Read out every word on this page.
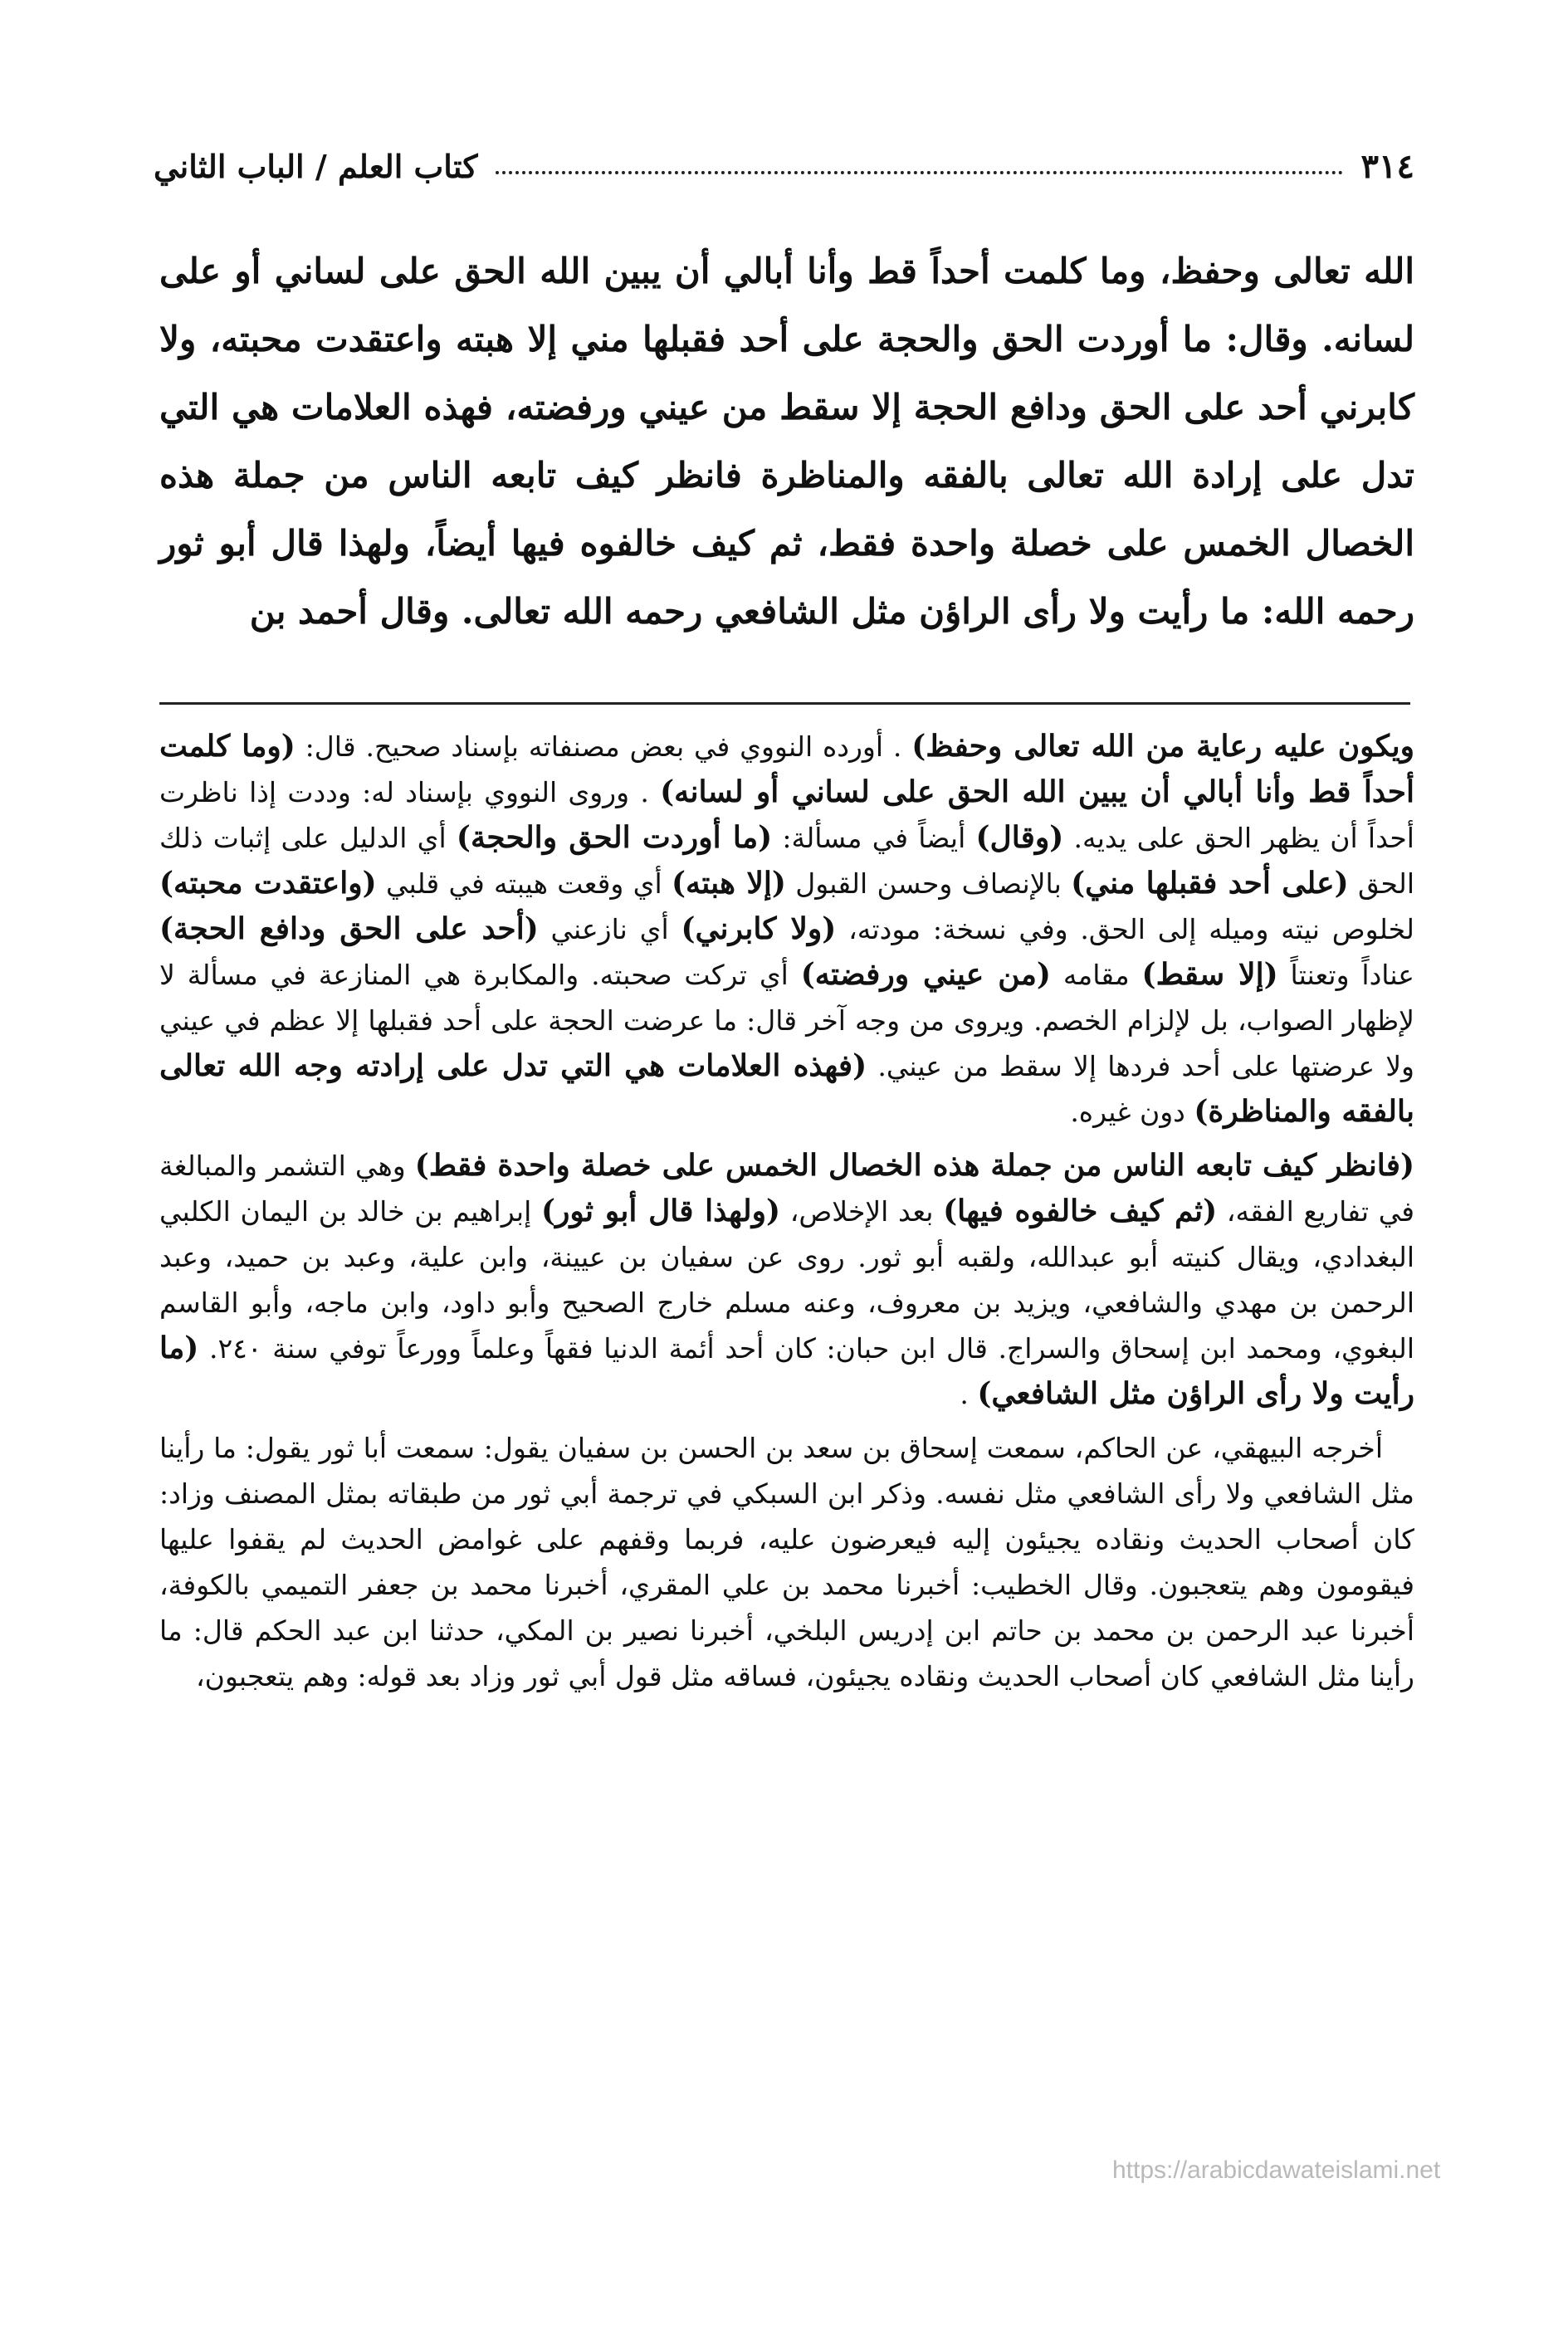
٣١٤
كتاب العلم / الباب الثاني

الله تعالى وحفظ، وما كلمت أحداً قط وأنا أبالي أن يبين الله الحق على لساني أو على لسانه. وقال: ما أوردت الحق والحجة على أحد فقبلها مني إلا هبته واعتقدت محبته، ولا كابرني أحد على الحق ودافع الحجة إلا سقط من عيني ورفضته، فهذه العلامات هي التي تدل على إرادة الله تعالى بالفقه والمناظرة فانظر كيف تابعه الناس من جملة هذه الخصال الخمس على خصلة واحدة فقط، ثم كيف خالفوه فيها أيضاً، ولهذا قال أبو ثور رحمه الله: ما رأيت ولا رأى الراؤن مثل الشافعي رحمه الله تعالى. وقال أحمد بن

ويكون عليه رعاية من الله تعالى وحفظ) . أورده النووي في بعض مصنفاته بإسناد صحيح. قال: (وما كلمت أحداً قط وأنا أبالي أن يبين الله الحق على لساني أو لسانه) . وروى النووي بإسناد له: وددت إذا ناظرت أحداً أن يظهر الحق على يديه. (وقال) أيضاً في مسألة: (ما أوردت الحق والحجة) أي الدليل على إثبات ذلك الحق (على أحد فقبلها مني) بالإنصاف وحسن القبول (إلا هبته) أي وقعت هيبته في قلبي (واعتقدت محبته) لخلوص نيته وميله إلى الحق. وفي نسخة: مودته، (ولا كابرني) أي نازعني (أحد على الحق ودافع الحجة) عناداً وتعنتاً (إلا سقط) مقامه (من عيني ورفضته) أي تركت صحبته. والمكابرة هي المنازعة في مسألة لا لإظهار الصواب، بل لإلزام الخصم. ويروى من وجه آخر قال: ما عرضت الحجة على أحد فقبلها إلا عظم في عيني ولا عرضتها على أحد فردها إلا سقط من عيني. (فهذه العلامات هي التي تدل على إرادته وجه الله تعالى بالفقه والمناظرة) دون غيره.

(فانظر كيف تابعه الناس من جملة هذه الخصال الخمس على خصلة واحدة فقط) وهي التشمر والمبالغة في تفاريع الفقه، (ثم كيف خالفوه فيها) بعد الإخلاص، (ولهذا قال أبو ثور) إبراهيم بن خالد بن اليمان الكلبي البغدادي، ويقال كنيته أبو عبدالله، ولقبه أبو ثور. روى عن سفيان بن عيينة، وابن علية، وعبد بن حميد، وعبد الرحمن بن مهدي والشافعي، ويزيد بن معروف، وعنه مسلم خارج الصحيح وأبو داود، وابن ماجه، وأبو القاسم البغوي، ومحمد ابن إسحاق والسراج. قال ابن حبان: كان أحد أئمة الدنيا فقهاً وعلماً وورعاً توفي سنة ٢٤٠. (ما رأيت ولا رأى الراؤن مثل الشافعي) .

أخرجه البيهقي، عن الحاكم، سمعت إسحاق بن سعد بن الحسن بن سفيان يقول: سمعت أبا ثور يقول: ما رأينا مثل الشافعي ولا رأى الشافعي مثل نفسه. وذكر ابن السبكي في ترجمة أبي ثور من طبقاته بمثل المصنف وزاد: كان أصحاب الحديث ونقاده يجيئون إليه فيعرضون عليه، فربما وقفهم على غوامض الحديث لم يقفوا عليها فيقومون وهم يتعجبون. وقال الخطيب: أخبرنا محمد بن علي المقري، أخبرنا محمد بن جعفر التميمي بالكوفة، أخبرنا عبد الرحمن بن محمد بن حاتم ابن إدريس البلخي، أخبرنا نصير بن المكي، حدثنا ابن عبد الحكم قال: ما رأينا مثل الشافعي كان أصحاب الحديث ونقاده يجيئون، فساقه مثل قول أبي ثور وزاد بعد قوله: وهم يتعجبون،

https://arabicdawateislami.net
